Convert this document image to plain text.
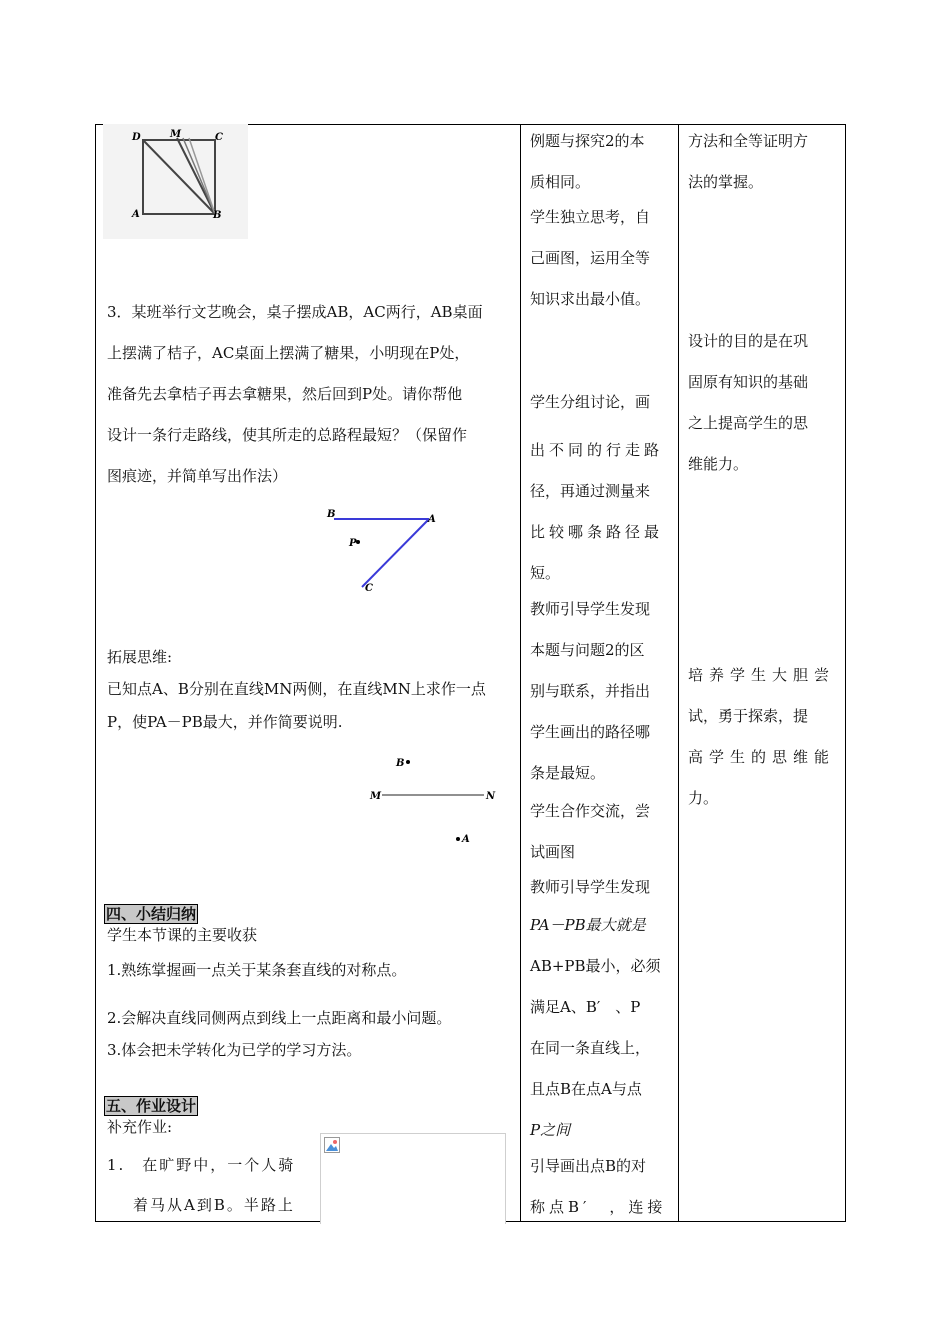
D	M	C
A	B
3．某班举行文艺晚会，桌子摆成AB，AC两行，AB桌面
上摆满了桔子，AC桌面上摆满了糖果，小明现在P处，
准备先去拿桔子再去拿糖果，然后回到P处。请你帮他
设计一条行走路线，使其所走的总路程最短？（保留作
图痕迹，并简单写出作法）
B	A
P
C
拓展思维:
已知点A、B分别在直线MN两侧，在直线MN上求作一点
P，使PA－PB最大，并作简要说明.
B
M	N
A
四、小结归纳
学生本节课的主要收获
1.熟练掌握画一点关于某条套直线的对称点。
2.会解决直线同侧两点到线上一点距离和最小问题。
3.体会把未学转化为已学的学习方法。
五、作业设计
补充作业:
1.　在旷野中，一个人骑
着马从A到B。半路上
例题与探究2的本
质相同。
学生独立思考，自
己画图，运用全等
知识求出最小值。
学生分组讨论，画
出不同的行走路
径，再通过测量来
比较哪条路径最
短。
教师引导学生发现
本题与问题2的区
别与联系，并指出
学生画出的路径哪
条是最短。
学生合作交流，尝
试画图
教师引导学生发现
PA－PB最大就是
AB+PB最小，必须
满足A、B′　、P
在同一条直线上，
且点B在点A与点
P之间
引导画出点B的对
称点B′　，连接
方法和全等证明方
法的掌握。
设计的目的是在巩
固原有知识的基础
之上提高学生的思
维能力。
培养学生大胆尝
试，勇于探索，提
高学生的思维能
力。
